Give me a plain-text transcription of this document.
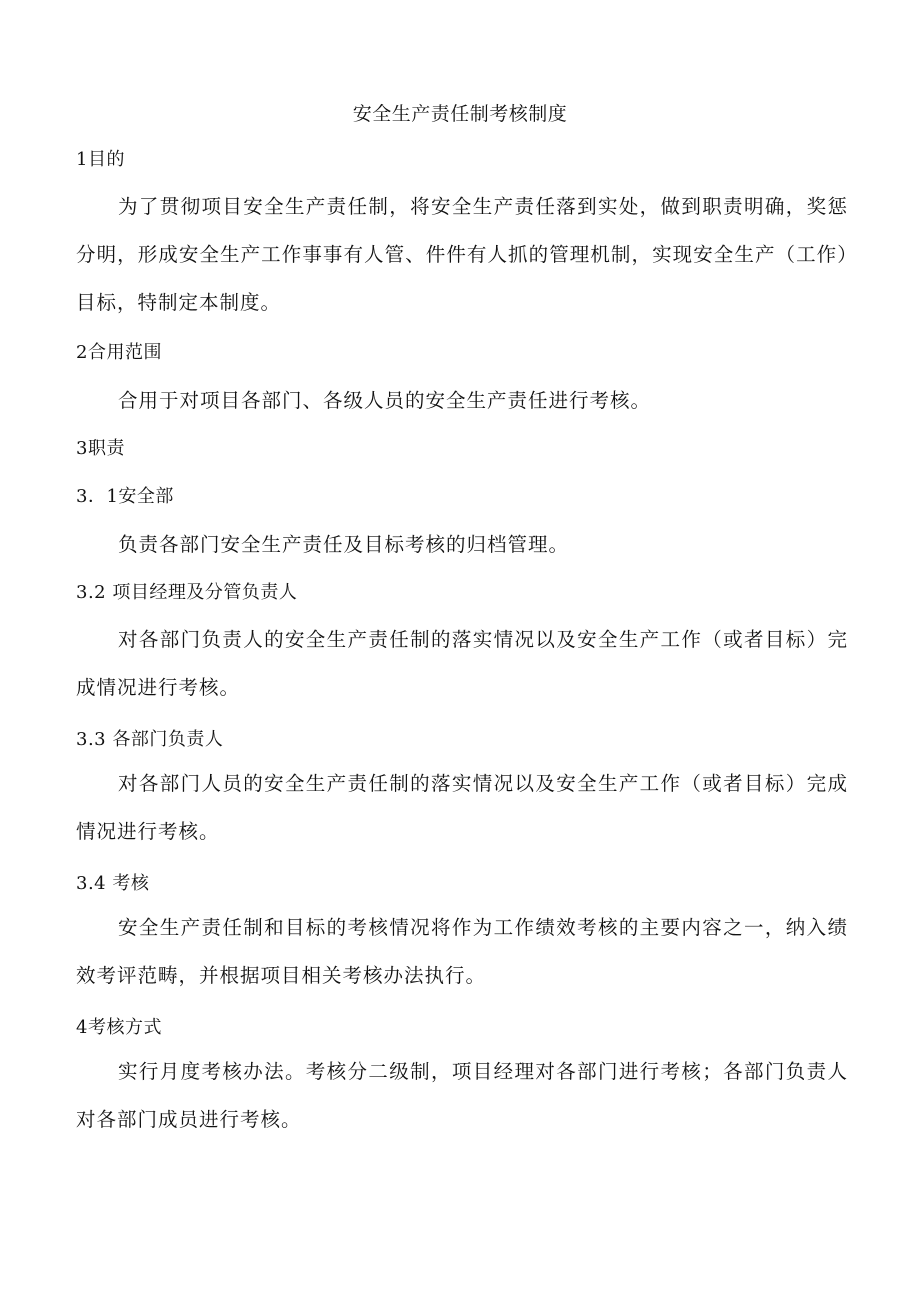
安全生产责任制考核制度
1目的

为了贯彻项目安全生产责任制，将安全生产责任落到实处，做到职责明确，奖惩分明，形成安全生产工作事事有人管、件件有人抓的管理机制，实现安全生产（工作）目标，特制定本制度。

2合用范围

合用于对项目各部门、各级人员的安全生产责任进行考核。

3职责
3．1安全部

负责各部门安全生产责任及目标考核的归档管理。

3.2 项目经理及分管负责人

对各部门负责人的安全生产责任制的落实情况以及安全生产工作（或者目标）完成情况进行考核。

3.3 各部门负责人

对各部门人员的安全生产责任制的落实情况以及安全生产工作（或者目标）完成情况进行考核。

3.4 考核

安全生产责任制和目标的考核情况将作为工作绩效考核的主要内容之一，纳入绩效考评范畴，并根据项目相关考核办法执行。

4考核方式

实行月度考核办法。考核分二级制，项目经理对各部门进行考核；各部门负责人对各部门成员进行考核。
